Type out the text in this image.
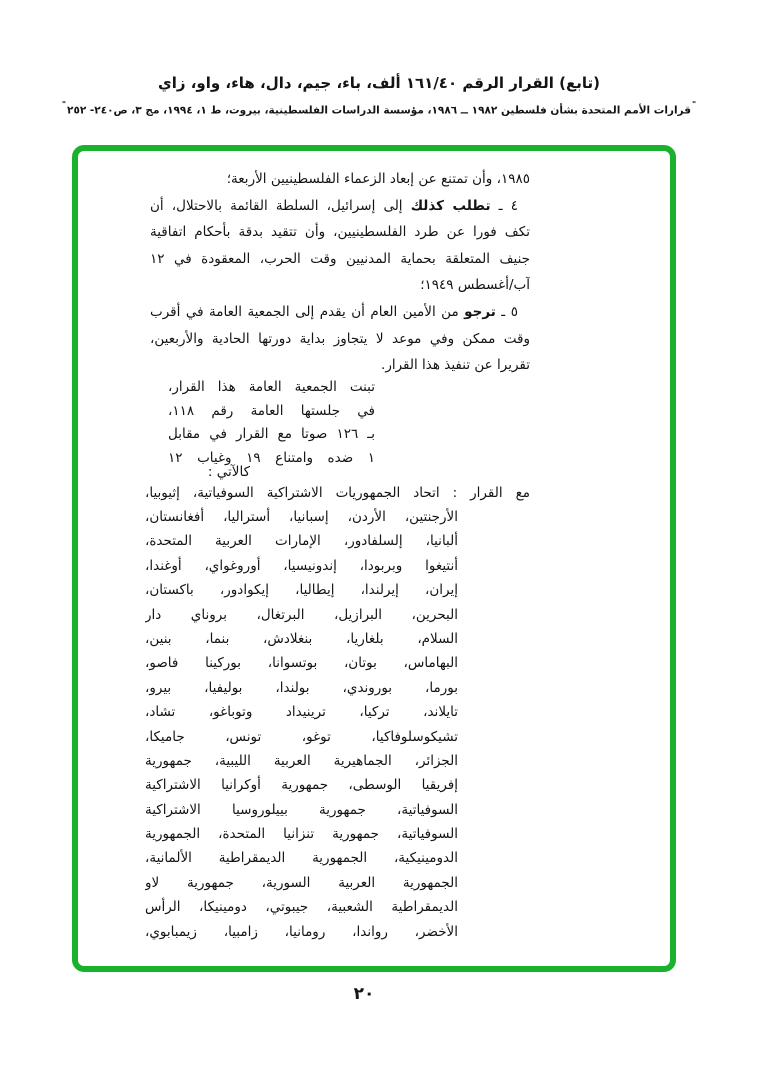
(تابع) القرار الرقم ١٦١/٤٠ ألف، باء، جيم، دال، هاء، واو، زاي
"قرارات الأمم المتحدة بشأن فلسطين ١٩٨٢ ــ ١٩٨٦، مؤسسة الدراسات الفلسطينية، بيروت، ط ١، ١٩٩٤، مج ٣، ص٢٤٠- ٢٥٢"
١٩٨٥، وأن تمتنع عن إبعاد الزعماء الفلسطينيين الأربعة؛
٤ ـ تطلب كذلك إلى إسرائيل، السلطة القائمة بالاحتلال، أن
تكف فورا عن طرد الفلسطينيين، وأن تتقيد بدقة بأحكام اتفاقية
جنيف المتعلقة بحماية المدنيين وقت الحرب، المعقودة في ١٢
آب/أغسطس ١٩٤٩؛
٥ ـ ترجو من الأمين العام أن يقدم إلى الجمعية العامة في أقرب
وقت ممكن وفي موعد لا يتجاوز بداية دورتها الحادية والأربعين،
تقريرا عن تنفيذ هذا القرار.
تبنت الجمعية العامة هذا القرار،
في جلستها العامة رقم ١١٨،
بـ ١٢٦ صوتا مع القرار في مقابل
١ ضده وامتناع ١٩ وغياب ١٢
كالآتي :
مع القرار : اتحاد الجمهوريات الاشتراكية السوفياتية، إثيوبيا،
الأرجنتين، الأردن، إسبانيا، أستراليا، أفغانستان،
ألبانيا، إلسلفادور، الإمارات العربية المتحدة،
أنتيغوا وبربودا، إندونيسيا، أوروغواي، أوغندا،
إيران، إيرلندا، إيطاليا، إيكوادور، باكستان،
البحرين، البرازيل، البرتغال، بروناي دار
السلام، بلغاريا، بنغلادش، بنما، بنين،
البهاماس، بوتان، بوتسوانا، بوركينا فاصو،
بورما، بوروندي، بولندا، بوليفيا، بيرو،
تايلاند، تركيا، ترينيداد وتوباغو، تشاد،
تشيكوسلوفاكيا، توغو، تونس، جاميكا،
الجزائر، الجماهيرية العربية الليبية، جمهورية
إفريقيا الوسطى، جمهورية أوكرانيا الاشتراكية
السوفياتية، جمهورية بييلوروسيا الاشتراكية
السوفياتية، جمهورية تنزانيا المتحدة، الجمهورية
الدومينيكية، الجمهورية الديمقراطية الألمانية،
الجمهورية العربية السورية، جمهورية لاو
الديمقراطية الشعبية، جيبوتي، دومينيكا، الرأس
الأخضر، رواندا، رومانيا، زامبيا، زيمبابوي،
٢٠
